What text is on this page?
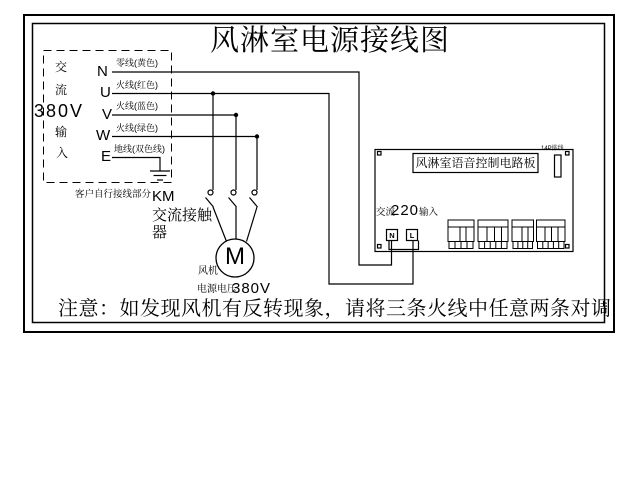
风淋室电源接线图
交
流
380V
输
入
N
U
V
W
E
零线(黄色)
火线(红色)
火线(蓝色)
火线(绿色)
地线(双色线)
客户自行接线部分 KM
交流接触
器
M
风机
电源电压
380V
风淋室语音控制电路板
14P排线
交流
220 输入
N	L
注意：如发现风机有反转现象，请将三条火线中任意两条对调
